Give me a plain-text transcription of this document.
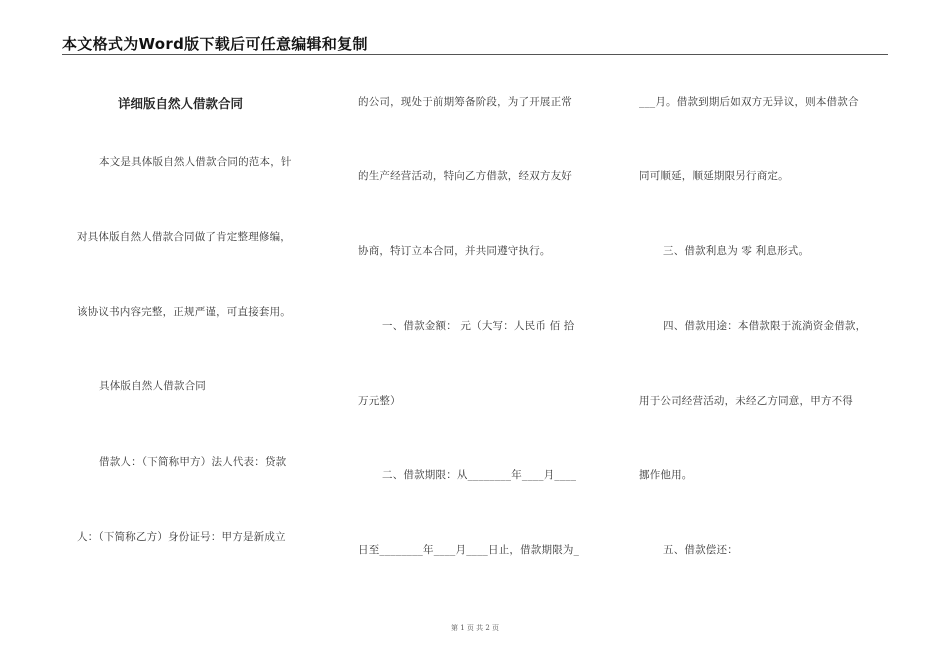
本文格式为Word版下载后可任意编辑和复制
详细版自然人借款合同
本文是具体版自然人借款合同的范本，针
对具体版自然人借款合同做了肯定整理修编，
该协议书内容完整，正规严谨，可直接套用。
具体版自然人借款合同
借款人：（下简称甲方）法人代表：贷款
人：（下简称乙方）身份证号：甲方是新成立
的公司，现处于前期筹备阶段，为了开展正常
的生产经营活动，特向乙方借款，经双方友好
协商，特订立本合同，并共同遵守执行。
一、借款金额： 元（大写：人民币 佰 拾
万元整）
二、借款期限：从________年____月____
日至________年____月____日止，借款期限为_
___月。借款到期后如双方无异议，则本借款合
同可顺延，顺延期限另行商定。
三、借款利息为 零 利息形式。
四、借款用途：本借款限于流淌资金借款，
用于公司经营活动，未经乙方同意，甲方不得
挪作他用。
五、借款偿还：
第 1 页 共 2 页
